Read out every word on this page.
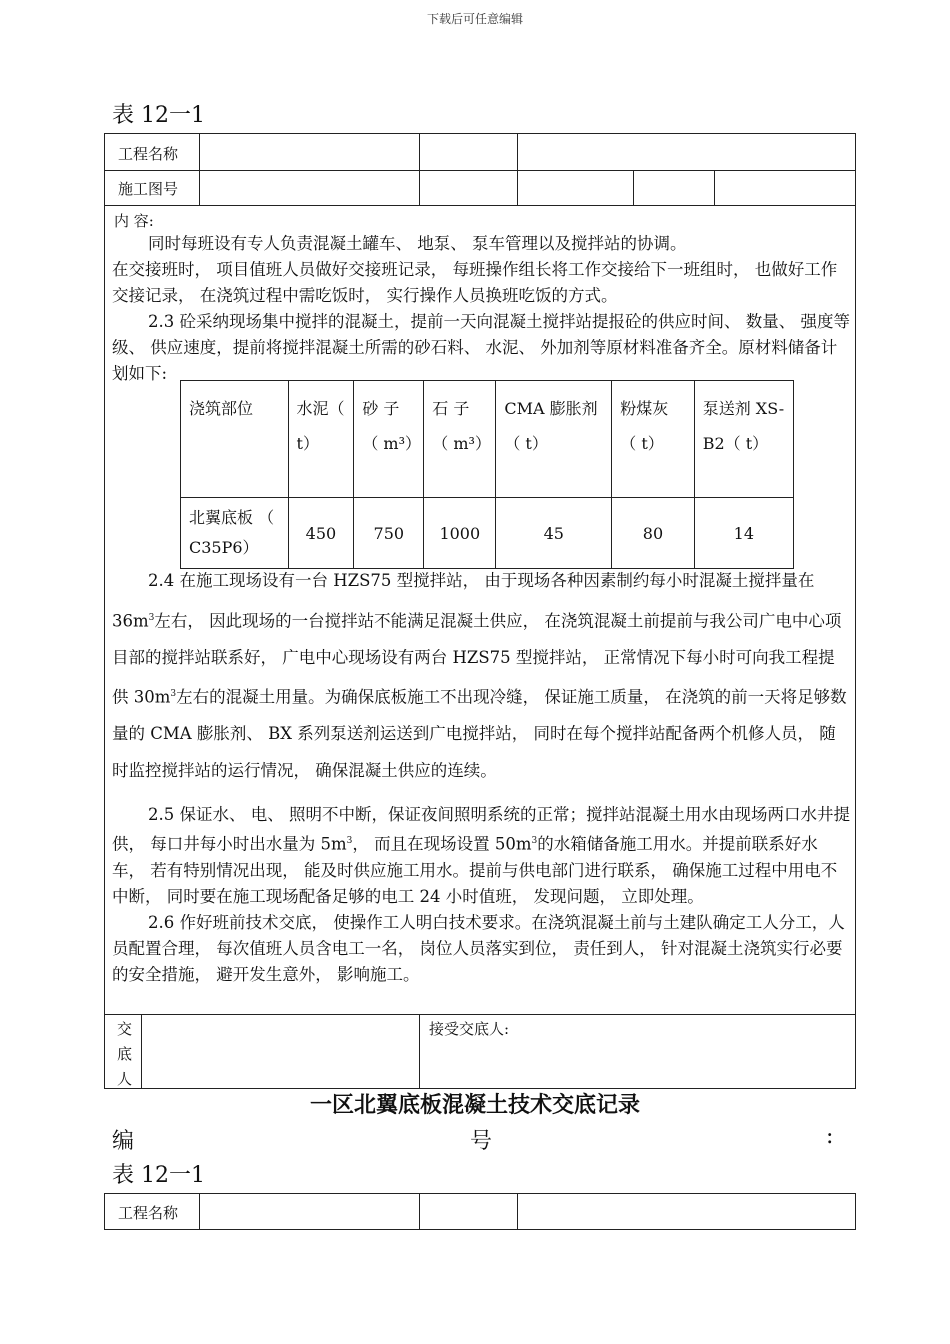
下载后可任意编辑
表 12一1
工程名称
施工图号
内 容:

同时每班设有专人负责混凝土罐车、 地泵、 泵车管理以及搅拌站的协调。

在交接班时， 项目值班人员做好交接班记录， 每班操作组长将工作交接给下一班组时， 也做好工作交接记录， 在浇筑过程中需吃饭时， 实行操作人员换班吃饭的方式。

2.3 砼采纳现场集中搅拌的混凝土，提前一天向混凝土搅拌站提报砼的供应时间、 数量、 强度等级、 供应速度，提前将搅拌混凝土所需的砂石料、 水泥、 外加剂等原材料准备齐全。原材料储备计划如下:

浇筑部位	水泥（ t）	砂 子 （ m³）	石 子 （ m³）	CMA 膨胀剂 （ t）	粉煤灰 （ t）	泵送剂 XS-B2（ t）
北翼底板 （ C35P6）	450	750	1000	45	80	14

2.4 在施工现场设有一台 HZS75 型搅拌站， 由于现场各种因素制约每小时混凝土搅拌量在 $36m^3$左右， 因此现场的一台搅拌站不能满足混凝土供应， 在浇筑混凝土前提前与我公司广电中心项目部的搅拌站联系好， 广电中心现场设有两台 HZS75 型搅拌站， 正常情况下每小时可向我工程提供 $30m^3$左右的混凝土用量。为确保底板施工不出现冷缝， 保证施工质量， 在浇筑的前一天将足够数量的 CMA 膨胀剂、 BX 系列泵送剂运送到广电搅拌站， 同时在每个搅拌站配备两个机修人员， 随时监控搅拌站的运行情况， 确保混凝土供应的连续。

2.5 保证水、 电、 照明不中断，保证夜间照明系统的正常；搅拌站混凝土用水由现场两口水井提供， 每口井每小时出水量为 $5m^3$， 而且在现场设置 $50m^3$的水箱储备施工用水。并提前联系好水车， 若有特别情况出现， 能及时供应施工用水。提前与供电部门进行联系， 确保施工过程中用电不中断， 同时要在施工现场配备足够的电工 24 小时值班， 发现问题， 立即处理。

2.6 作好班前技术交底， 使操作工人明白技术要求。在浇筑混凝土前与土建队确定工人分工，人员配置合理， 每次值班人员含电工一名， 岗位人员落实到位， 责任到人， 针对混凝土浇筑实行必要的安全措施， 避开发生意外， 影响施工。

交
底
人
接受交底人:
一区北翼底板混凝土技术交底记录
编	号	:
表 12一1
工程名称
